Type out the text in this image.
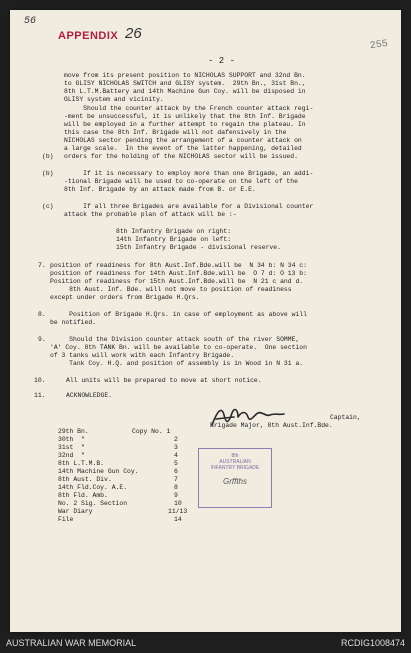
56
APPENDIX 26
255
- 2 -
move from its present position to NICHOLAS SUPPORT and 32nd Bn.
to GLISY NICHOLAS SWITCH and GLISY system.  29th Bn., 31st Bn.,
8th L.T.M.Battery and 14th Machine Gun Coy. will be disposed in
GLISY system and vicinity.
Should the counter attack by the French counter attack regi-
-ment be unsuccessful, it is unlikely that the 8th Inf. Brigade
will be employed in a further attempt to regain the plateau. In
this case the 8th Inf. Brigade will not dafensively in the
NICHOLAS sector pending the arrangement of a counter attack on
a large scale.  In the event of the latter happening, detailed
(b) orders for the holding of the NICHOLAS sector will be issued.
(b) If it is necessary to employ more than one Brigade, an addi-
-tional Brigade will be used to co-operate on the left of the
8th Inf. Brigade by an attack made from B. or E.E.
(c) If all three Brigades are available for a Divisional counter
attack the probable plan of attack will be :-
8th Infantry Brigade on right:
14th Infantry Brigade on left:
15th Infantry Brigade - divisional reserve.
7. position of readiness for 8th Aust.Inf.Bde.will be  N 34 b: N 34 c:
position of readiness for 14th Aust.Inf.Bde.will be  O 7 d: O 13 b:
Position of readiness for 15th Aust.Inf.Bde.will be  N 21 c and d.
8th Aust. Inf. Bde. will not move to position of readiness
except under orders from Brigade H.Qrs.
8. Position of Brigade H.Qrs. in case of employment as above will
be notified.
9. Should the Division counter attack south of the river SOMME,
'A' Coy. 8th TANK Bn. will be available to co-operate.  One section
of 3 tanks will work with each Infantry Brigade.
Tank Coy. H.Q. and position of assembly is in Wood in N 31 a.
10.	All units will be prepared to move at short notice.
11.	ACKNOWLEDGE.
Captain,
Brigade Major, 8th Aust.Inf.Bde.
29th Bn.	Copy No. 1
30th  "	2
31st  "	3
32nd  "	4
8th L.T.M.B.	5
14th Machine Gun Coy.	6
8th Aust. Div.	7
14th Fld.Coy. A.E.	8
8th Fld. Amb.	9
No. 2 Sig. Section	10
War Diary	11/13
File	14
8th
AUSTRALIAN
INFANTRY BRIGADE
Grffths
AUSTRALIAN WAR MEMORIAL	RCDIG1008474
